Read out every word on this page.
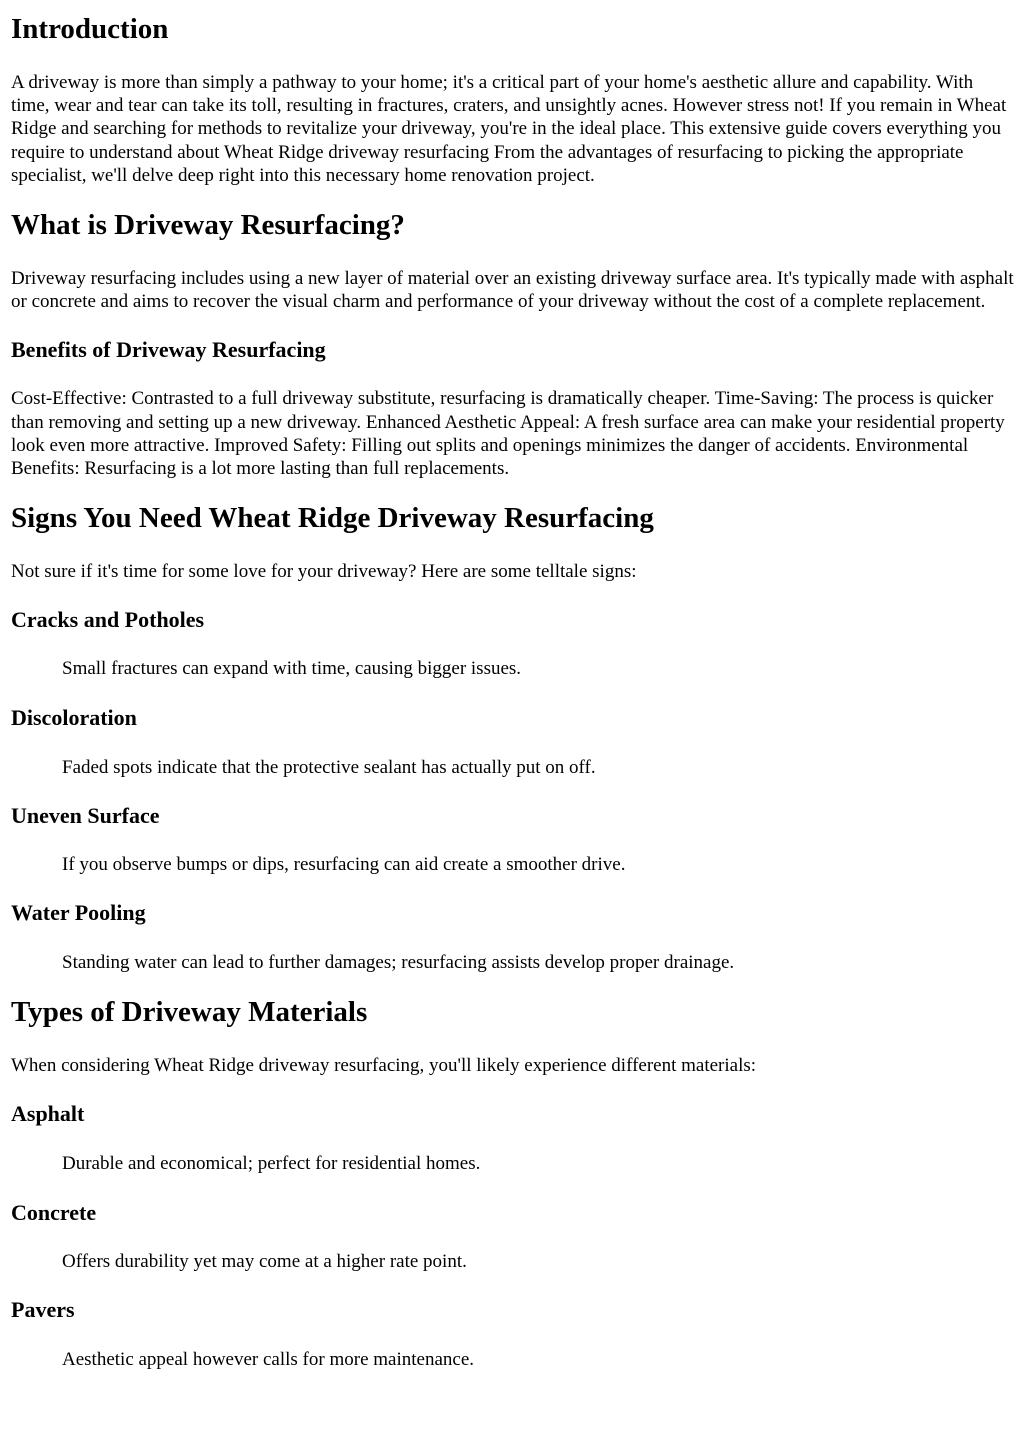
Introduction

A driveway is more than simply a pathway to your home; it's a critical part of your home's aesthetic allure and capability. With time, wear and tear can take its toll, resulting in fractures, craters, and unsightly acnes. However stress not! If you remain in Wheat Ridge and searching for methods to revitalize your driveway, you're in the ideal place. This extensive guide covers everything you require to understand about Wheat Ridge driveway resurfacing From the advantages of resurfacing to picking the appropriate specialist, we'll delve deep right into this necessary home renovation project.

What is Driveway Resurfacing?

Driveway resurfacing includes using a new layer of material over an existing driveway surface area. It's typically made with asphalt or concrete and aims to recover the visual charm and performance of your driveway without the cost of a complete replacement.

Benefits of Driveway Resurfacing

Cost-Effective: Contrasted to a full driveway substitute, resurfacing is dramatically cheaper. Time-Saving: The process is quicker than removing and setting up a new driveway. Enhanced Aesthetic Appeal: A fresh surface area can make your residential property look even more attractive. Improved Safety: Filling out splits and openings minimizes the danger of accidents. Environmental Benefits: Resurfacing is a lot more lasting than full replacements.

Signs You Need Wheat Ridge Driveway Resurfacing

Not sure if it's time for some love for your driveway? Here are some telltale signs:

Cracks and Potholes
Small fractures can expand with time, causing bigger issues.
Discoloration
Faded spots indicate that the protective sealant has actually put on off.
Uneven Surface
If you observe bumps or dips, resurfacing can aid create a smoother drive.
Water Pooling
Standing water can lead to further damages; resurfacing assists develop proper drainage.
Types of Driveway Materials

When considering Wheat Ridge driveway resurfacing, you'll likely experience different materials:

Asphalt
Durable and economical; perfect for residential homes.
Concrete
Offers durability yet may come at a higher rate point.
Pavers
Aesthetic appeal however calls for more maintenance.
